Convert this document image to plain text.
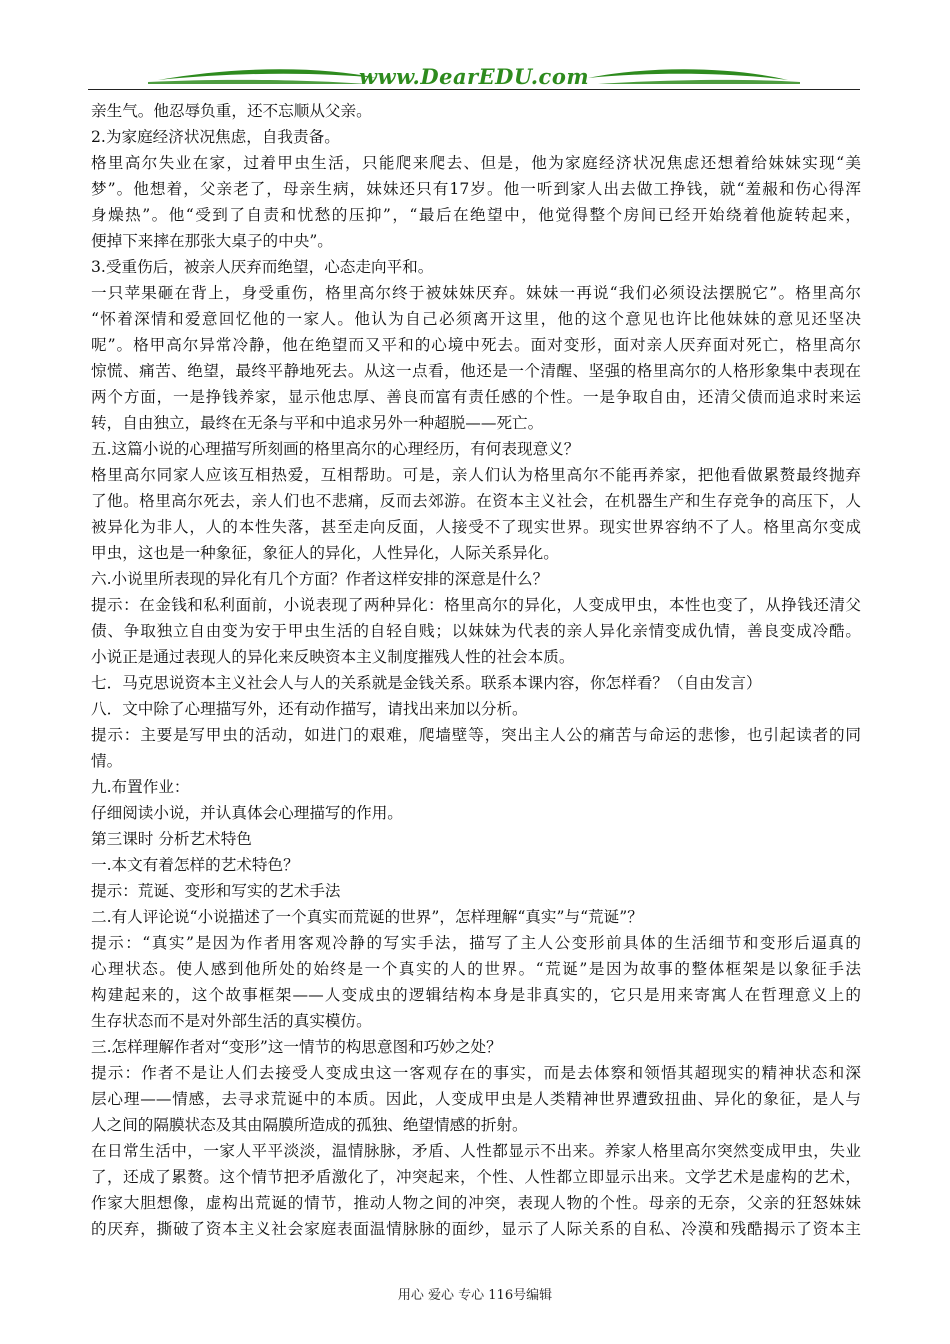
www.DearEDU.com
亲生气。他忍辱负重，还不忘顺从父亲。
2.为家庭经济状况焦虑，自我责备。
格里高尔失业在家，过着甲虫生活，只能爬来爬去、但是，他为家庭经济状况焦虑还想着给妹妹实现“美
梦”。他想着，父亲老了，母亲生病，妹妹还只有17岁。他一听到家人出去做工挣钱，就“羞赧和伤心得浑
身燥热”。他“受到了自责和忧愁的压抑”，“最后在绝望中，他觉得整个房间已经开始绕着他旋转起来，
便掉下来摔在那张大桌子的中央”。
3.受重伤后，被亲人厌弃而绝望，心态走向平和。
一只苹果砸在背上，身受重伤，格里高尔终于被妹妹厌弃。妹妹一再说“我们必须设法摆脱它”。格里高尔
“怀着深情和爱意回忆他的一家人。他认为自己必须离开这里，他的这个意见也许比他妹妹的意见还坚决
呢”。格甲高尔异常冷静，他在绝望而又平和的心境中死去。面对变形，面对亲人厌弃面对死亡，格里高尔
惊慌、痛苦、绝望，最终平静地死去。从这一点看，他还是一个清醒、坚强的格里高尔的人格形象集中表现在
两个方面，一是挣钱养家，显示他忠厚、善良而富有责任感的个性。一是争取自由，还清父债而追求时来运
转，自由独立，最终在无条与平和中追求另外一种超脱——死亡。
五.这篇小说的心理描写所刻画的格里高尔的心理经历，有何表现意义？
格里高尔同家人应该互相热爱，互相帮助。可是，亲人们认为格里高尔不能再养家，把他看做累赘最终抛弃
了他。格里高尔死去，亲人们也不悲痛，反而去郊游。在资本主义社会，在机器生产和生存竞争的高压下，人
被异化为非人，人的本性失落，甚至走向反面，人接受不了现实世界。现实世界容纳不了人。格里高尔变成
甲虫，这也是一种象征，象征人的异化，人性异化，人际关系异化。
六.小说里所表现的异化有几个方面？作者这样安排的深意是什么？
提示：在金钱和私利面前，小说表现了两种异化：格里高尔的异化，人变成甲虫，本性也变了，从挣钱还清父
债、争取独立自由变为安于甲虫生活的自轻自贱；以妹妹为代表的亲人异化亲情变成仇情，善良变成冷酷。
小说正是通过表现人的异化来反映资本主义制度摧残人性的社会本质。
七．马克思说资本主义社会人与人的关系就是金钱关系。联系本课内容，你怎样看？（自由发言）
八．文中除了心理描写外，还有动作描写，请找出来加以分析。
提示：主要是写甲虫的活动，如进门的艰难，爬墙壁等，突出主人公的痛苦与命运的悲惨，也引起读者的同
情。
九.布置作业：
仔细阅读小说，并认真体会心理描写的作用。
第三课时 分析艺术特色
一.本文有着怎样的艺术特色？
提示：荒诞、变形和写实的艺术手法
二.有人评论说“小说描述了一个真实而荒诞的世界”，怎样理解“真实”与“荒诞”？
提示：“真实”是因为作者用客观冷静的写实手法，描写了主人公变形前具体的生活细节和变形后逼真的
心理状态。使人感到他所处的始终是一个真实的人的世界。“荒诞”是因为故事的整体框架是以象征手法
构建起来的，这个故事框架——人变成虫的逻辑结构本身是非真实的，它只是用来寄寓人在哲理意义上的
生存状态而不是对外部生活的真实模仿。
三.怎样理解作者对“变形”这一情节的构思意图和巧妙之处？
提示：作者不是让人们去接受人变成虫这一客观存在的事实，而是去体察和领悟其超现实的精神状态和深
层心理——情感，去寻求荒诞中的本质。因此，人变成甲虫是人类精神世界遭致扭曲、异化的象征，是人与
人之间的隔膜状态及其由隔膜所造成的孤独、绝望情感的折射。
在日常生活中，一家人平平淡淡，温情脉脉，矛盾、人性都显示不出来。养家人格里高尔突然变成甲虫，失业
了，还成了累赘。这个情节把矛盾激化了，冲突起来，个性、人性都立即显示出来。文学艺术是虚构的艺术，
作家大胆想像，虚构出荒诞的情节，推动人物之间的冲突，表现人物的个性。母亲的无奈，父亲的狂怒妹妹
的厌弃，撕破了资本主义社会家庭表面温情脉脉的面纱，显示了人际关系的自私、冷漠和残酷揭示了资本主
用心 爱心 专心 116号编辑
